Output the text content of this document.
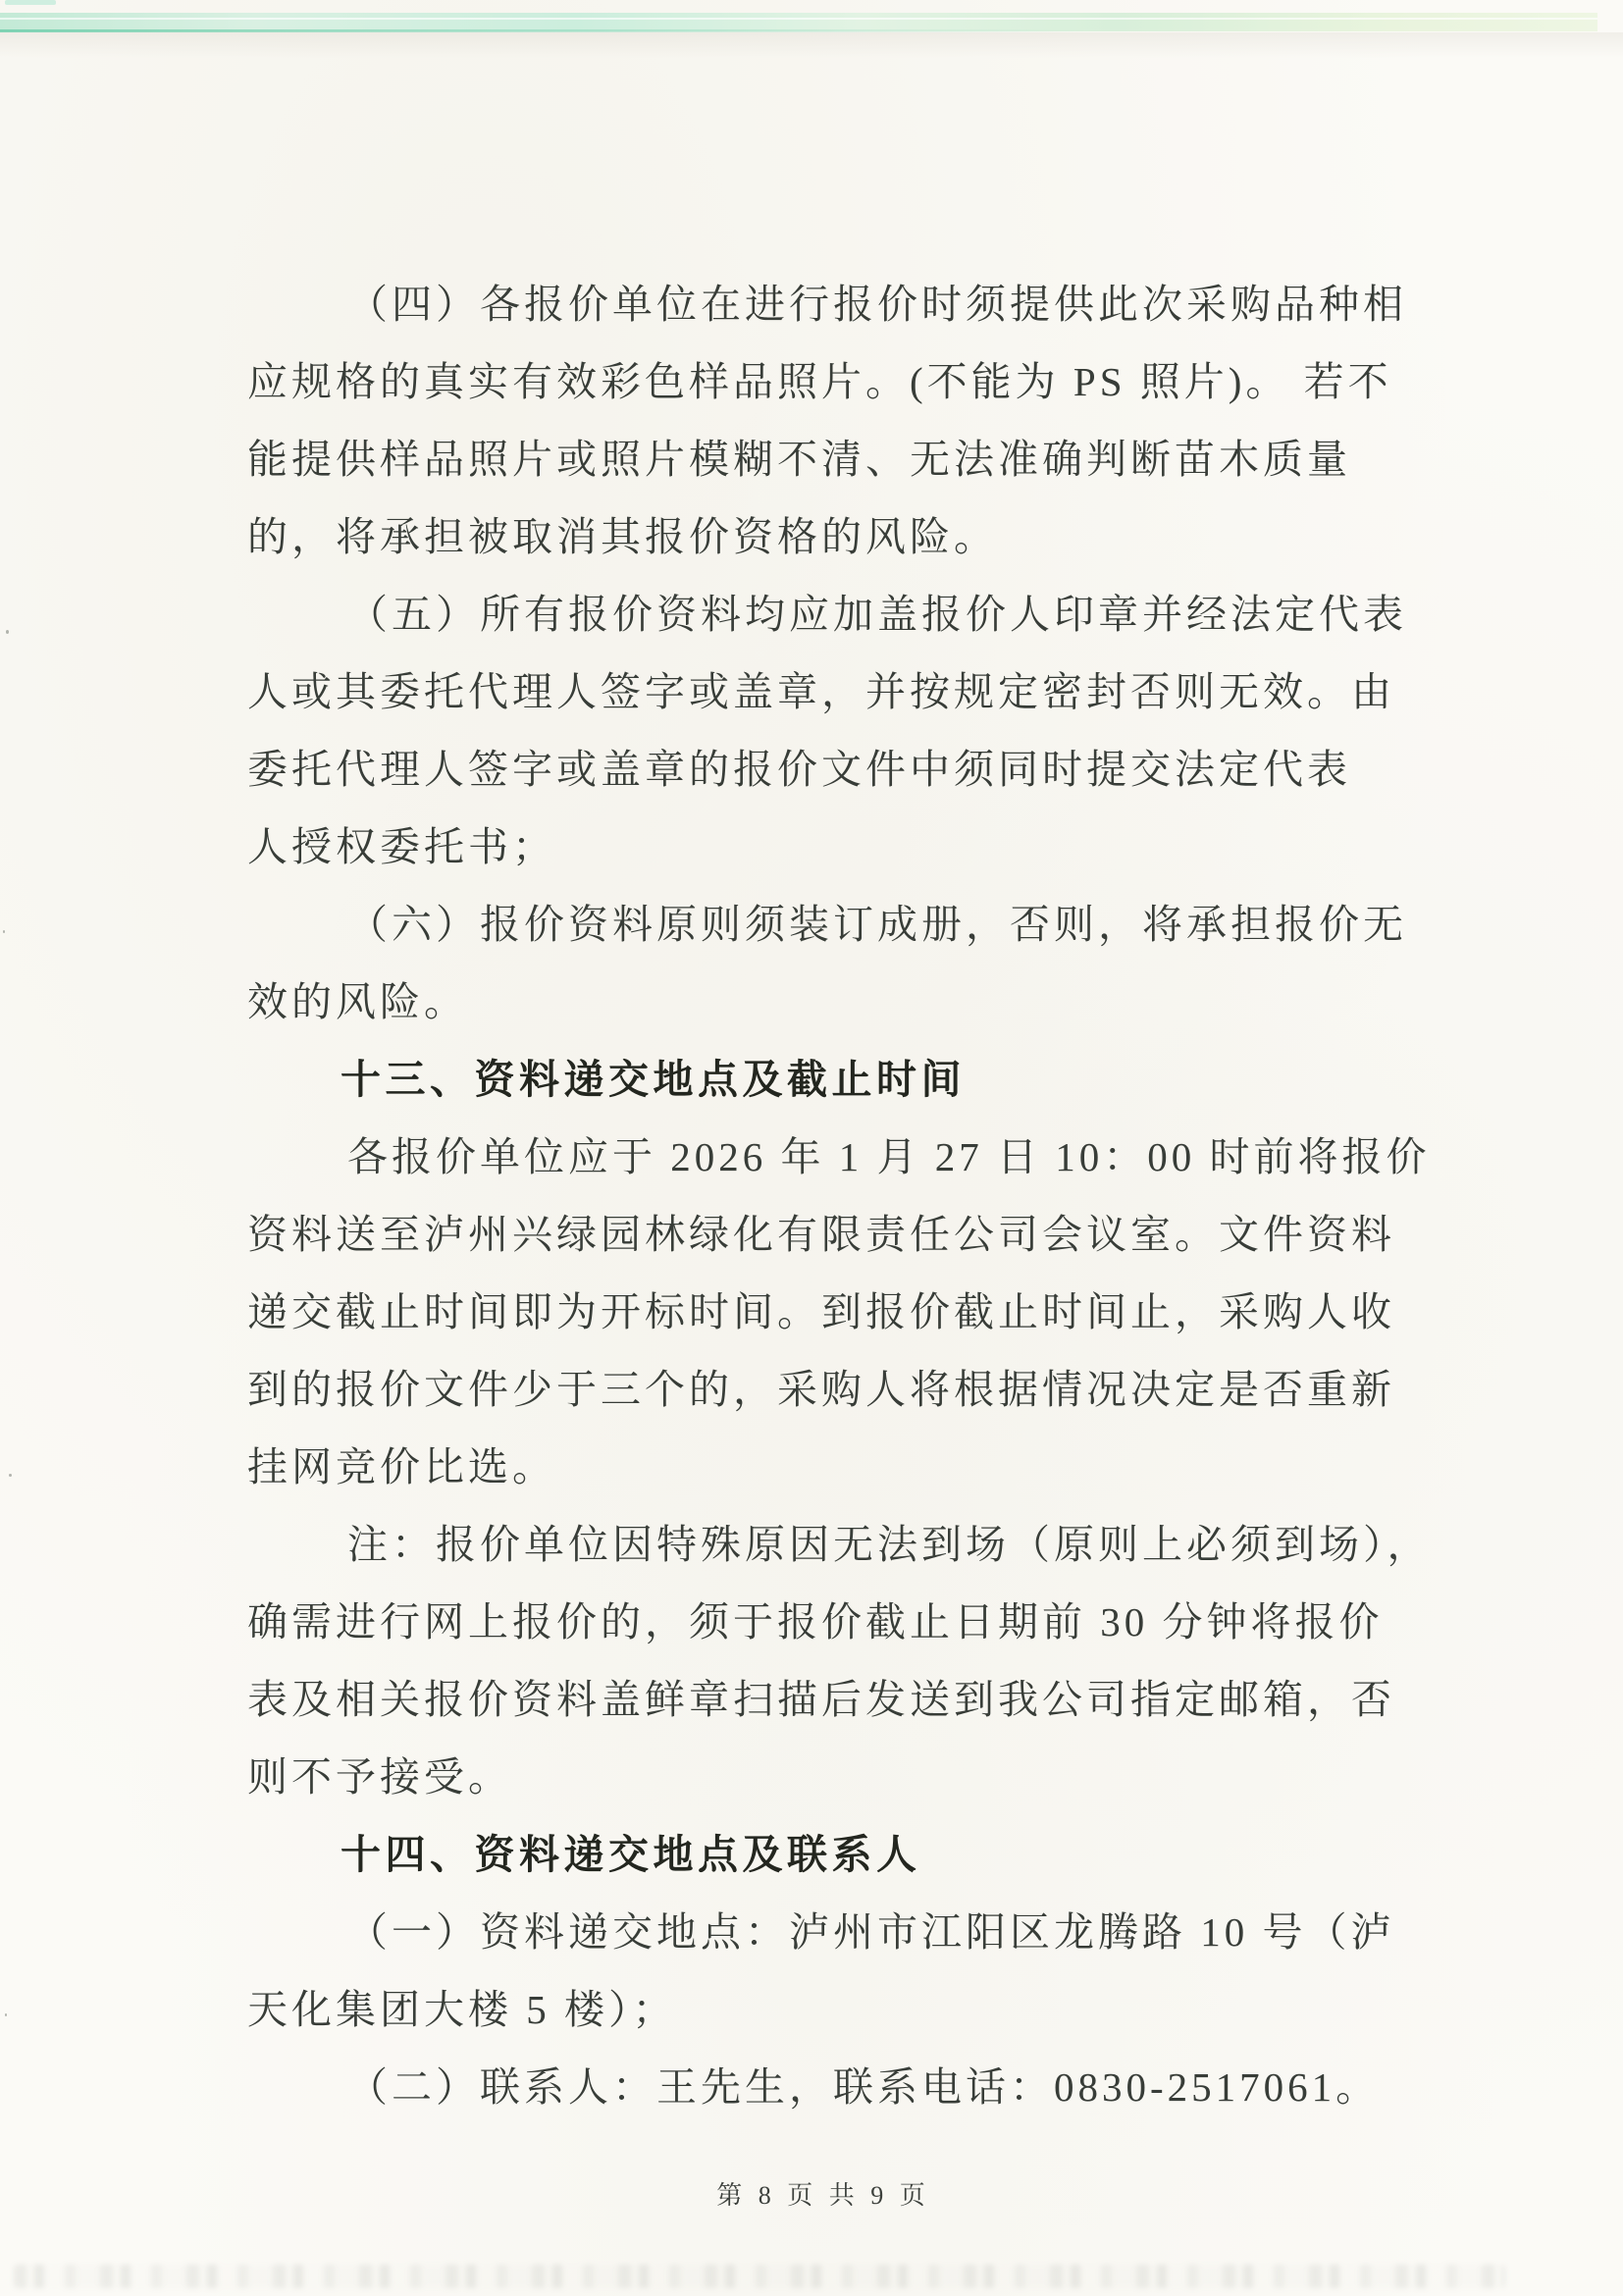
（四）各报价单位在进行报价时须提供此次采购品种相
应规格的真实有效彩色样品照片。(不能为 PS 照片)。 若不
能提供样品照片或照片模糊不清、无法准确判断苗木质量
的，将承担被取消其报价资格的风险。
（五）所有报价资料均应加盖报价人印章并经法定代表
人或其委托代理人签字或盖章，并按规定密封否则无效。由
委托代理人签字或盖章的报价文件中须同时提交法定代表
人授权委托书；
（六）报价资料原则须装订成册，否则，将承担报价无
效的风险。
十三、资料递交地点及截止时间
各报价单位应于 2026 年 1 月 27 日 10：00 时前将报价
资料送至泸州兴绿园林绿化有限责任公司会议室。文件资料
递交截止时间即为开标时间。到报价截止时间止，采购人收
到的报价文件少于三个的，采购人将根据情况决定是否重新
挂网竞价比选。
注：报价单位因特殊原因无法到场（原则上必须到场），
确需进行网上报价的，须于报价截止日期前 30 分钟将报价
表及相关报价资料盖鲜章扫描后发送到我公司指定邮箱，否
则不予接受。
十四、资料递交地点及联系人
（一）资料递交地点：泸州市江阳区龙腾路 10 号（泸
天化集团大楼 5 楼）；
（二）联系人：王先生，联系电话：0830-2517061。
第 8 页 共 9 页
